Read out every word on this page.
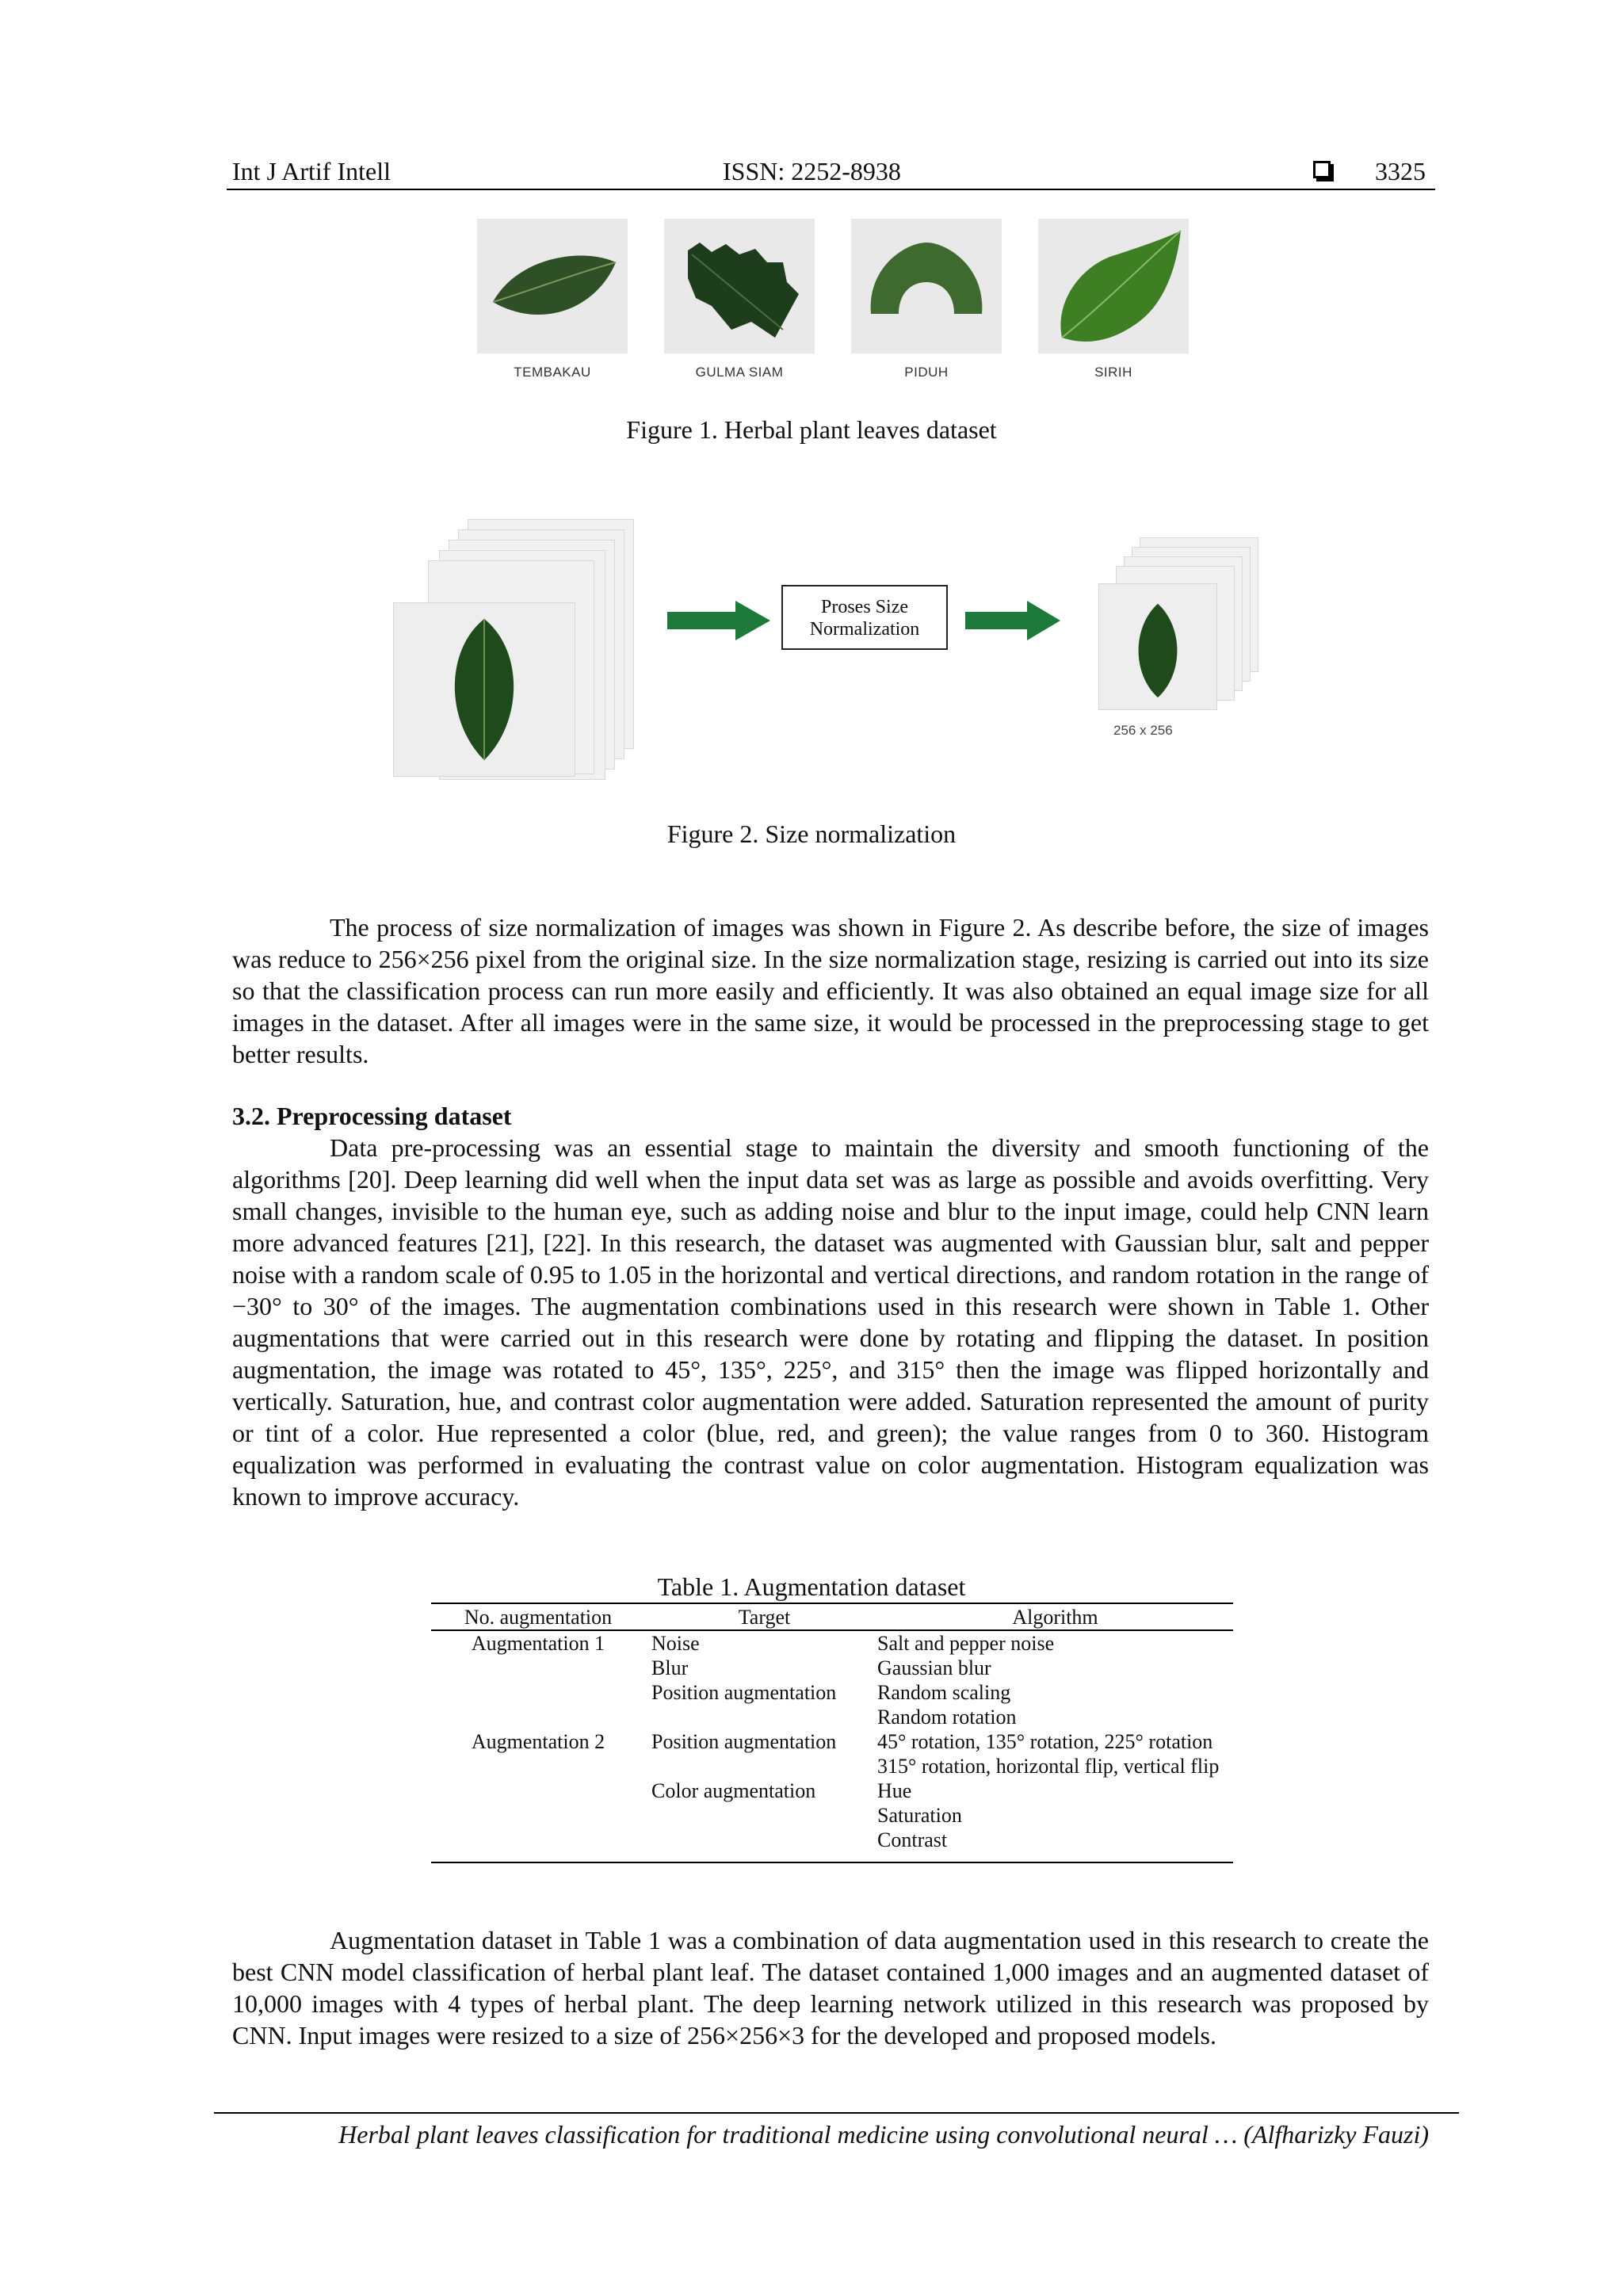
Int J Artif Intell	ISSN: 2252-8938	3325
TEMBAKAU	GULMA SIAM	PIDUH	SIRIH
Figure 1. Herbal plant leaves dataset
Proses Size
Normalization
256 x 256
Figure 2. Size normalization

The process of size normalization of images was shown in Figure 2. As describe before, the size of images was reduce to 256×256 pixel from the original size. In the size normalization stage, resizing is carried out into its size so that the classification process can run more easily and efficiently. It was also obtained an equal image size for all images in the dataset. After all images were in the same size, it would be processed in the preprocessing stage to get better results.

3.2. Preprocessing dataset

Data pre-processing was an essential stage to maintain the diversity and smooth functioning of the algorithms [20]. Deep learning did well when the input data set was as large as possible and avoids overfitting. Very small changes, invisible to the human eye, such as adding noise and blur to the input image, could help CNN learn more advanced features [21], [22]. In this research, the dataset was augmented with Gaussian blur, salt and pepper noise with a random scale of 0.95 to 1.05 in the horizontal and vertical directions, and random rotation in the range of −30° to 30° of the images. The augmentation combinations used in this research were shown in Table 1. Other augmentations that were carried out in this research were done by rotating and flipping the dataset. In position augmentation, the image was rotated to 45°, 135°, 225°, and 315° then the image was flipped horizontally and vertically. Saturation, hue, and contrast color augmentation were added. Saturation represented the amount of purity or tint of a color. Hue represented a color (blue, red, and green); the value ranges from 0 to 360. Histogram equalization was performed in evaluating the contrast value on color augmentation. Histogram equalization was known to improve accuracy.

Table 1. Augmentation dataset
No. augmentation	Target	Algorithm
Augmentation 1	Noise	Salt and pepper noise
	Blur	Gaussian blur
	Position augmentation	Random scaling
		Random rotation
Augmentation 2	Position augmentation	45° rotation, 135° rotation, 225° rotation
		315° rotation, horizontal flip, vertical flip
	Color augmentation	Hue
		Saturation
		Contrast

Augmentation dataset in Table 1 was a combination of data augmentation used in this research to create the best CNN model classification of herbal plant leaf. The dataset contained 1,000 images and an augmented dataset of 10,000 images with 4 types of herbal plant. The deep learning network utilized in this research was proposed by CNN. Input images were resized to a size of 256×256×3 for the developed and proposed models.

Herbal plant leaves classification for traditional medicine using convolutional neural … (Alfharizky Fauzi)
